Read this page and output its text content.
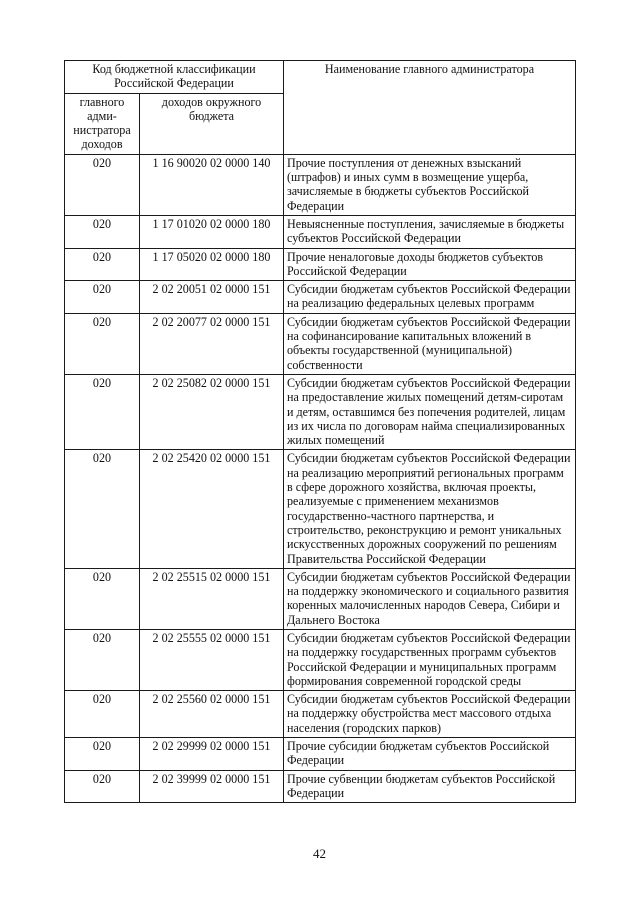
Код бюджетной классификации Российской Федерации		Наименование главного администратора
главного адми-нистратора доходов	доходов окружного бюджета	
020	1 16 90020 02 0000 140	Прочие поступления от денежных взысканий (штрафов) и иных сумм в возмещение ущерба, зачисляемые в бюджеты субъектов Российской Федерации
020	1 17 01020 02 0000 180	Невыясненные поступления, зачисляемые в бюджеты субъектов Российской Федерации
020	1 17 05020 02 0000 180	Прочие неналоговые доходы бюджетов субъектов Российской Федерации
020	2 02 20051 02 0000 151	Субсидии бюджетам субъектов Российской Федерации на реализацию федеральных целевых программ
020	2 02 20077 02 0000 151	Субсидии бюджетам субъектов Российской Федерации на софинансирование капитальных вложений в объекты государственной (муниципальной) собственности
020	2 02 25082 02 0000 151	Субсидии бюджетам субъектов Российской Федерации на предоставление жилых помещений детям-сиротам и детям, оставшимся без попечения родителей, лицам из их числа по договорам найма специализированных жилых помещений
020	2 02 25420 02 0000 151	Субсидии бюджетам субъектов Российской Федерации на реализацию мероприятий региональных программ в сфере дорожного хозяйства, включая проекты, реализуемые с применением механизмов государственно-частного партнерства, и строительство, реконструкцию и ремонт уникальных искусственных дорожных сооружений по решениям Правительства Российской Федерации
020	2 02 25515 02 0000 151	Субсидии бюджетам субъектов Российской Федерации на поддержку экономического и социального развития коренных малочисленных народов Севера, Сибири и Дальнего Востока
020	2 02 25555 02 0000 151	Субсидии бюджетам субъектов Российской Федерации на поддержку государственных программ субъектов Российской Федерации и муниципальных программ формирования современной городской среды
020	2 02 25560 02 0000 151	Субсидии бюджетам субъектов Российской Федерации на поддержку обустройства мест массового отдыха населения (городских парков)
020	2 02 29999 02 0000 151	Прочие субсидии бюджетам субъектов Российской Федерации
020	2 02 39999 02 0000 151	Прочие субвенции бюджетам субъектов Российской Федерации
42
